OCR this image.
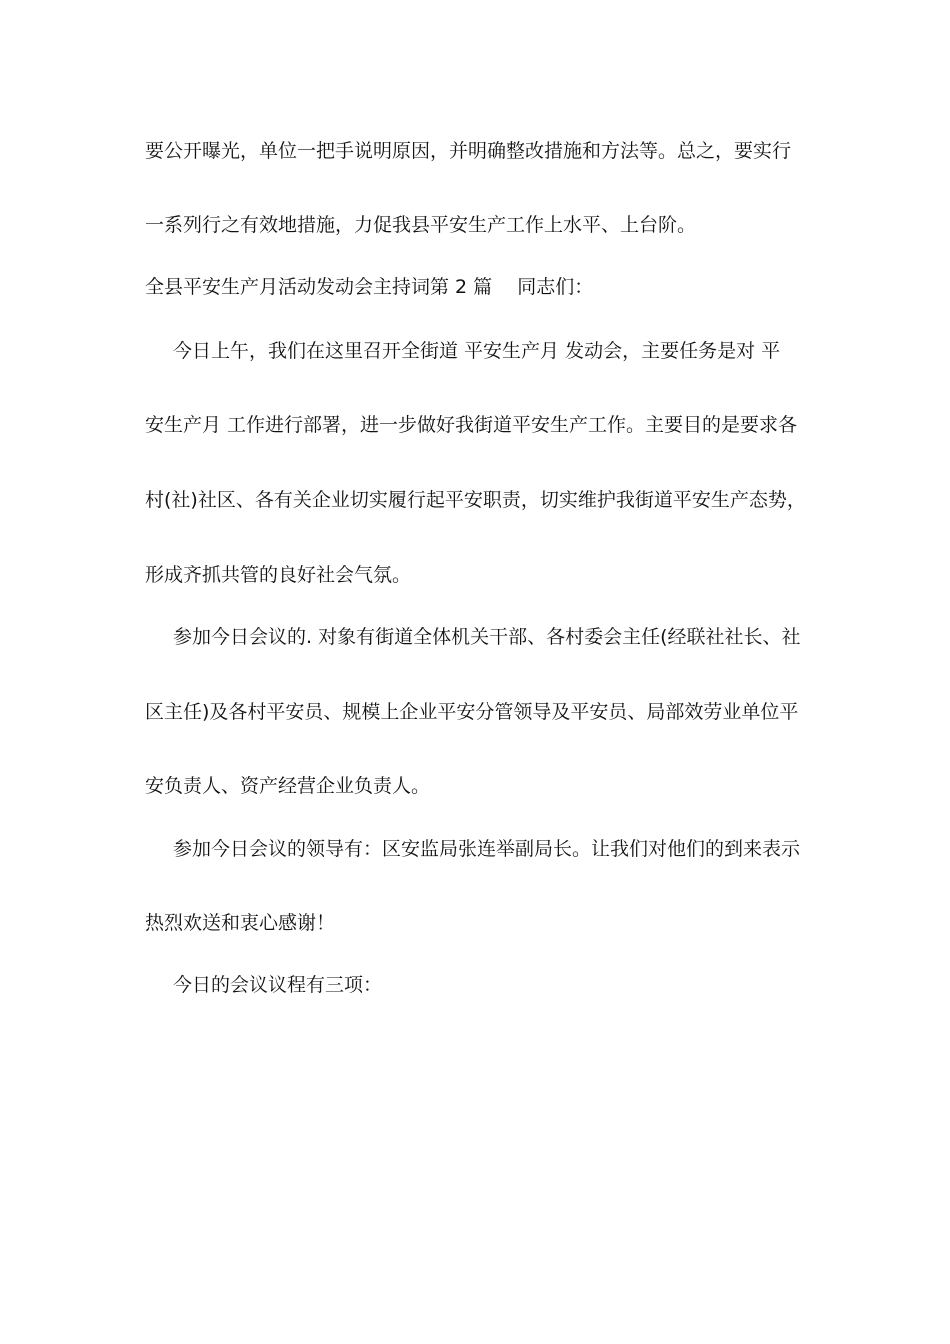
要公开曝光，单位一把手说明原因，并明确整改措施和方法等。总之，要实行
一系列行之有效地措施，力促我县平安生产工作上水平、上台阶。
全县平安生产月活动发动会主持词第 2 篇　 同志们：
今日上午，我们在这里召开全街道 平安生产月 发动会，主要任务是对 平
安生产月 工作进行部署，进一步做好我街道平安生产工作。主要目的是要求各
村(社)社区、各有关企业切实履行起平安职责，切实维护我街道平安生产态势，
形成齐抓共管的良好社会气氛。
参加今日会议的. 对象有街道全体机关干部、各村委会主任(经联社社长、社
区主任)及各村平安员、规模上企业平安分管领导及平安员、局部效劳业单位平
安负责人、资产经营企业负责人。
参加今日会议的领导有：区安监局张连举副局长。让我们对他们的到来表示
热烈欢送和衷心感谢！
今日的会议议程有三项：
